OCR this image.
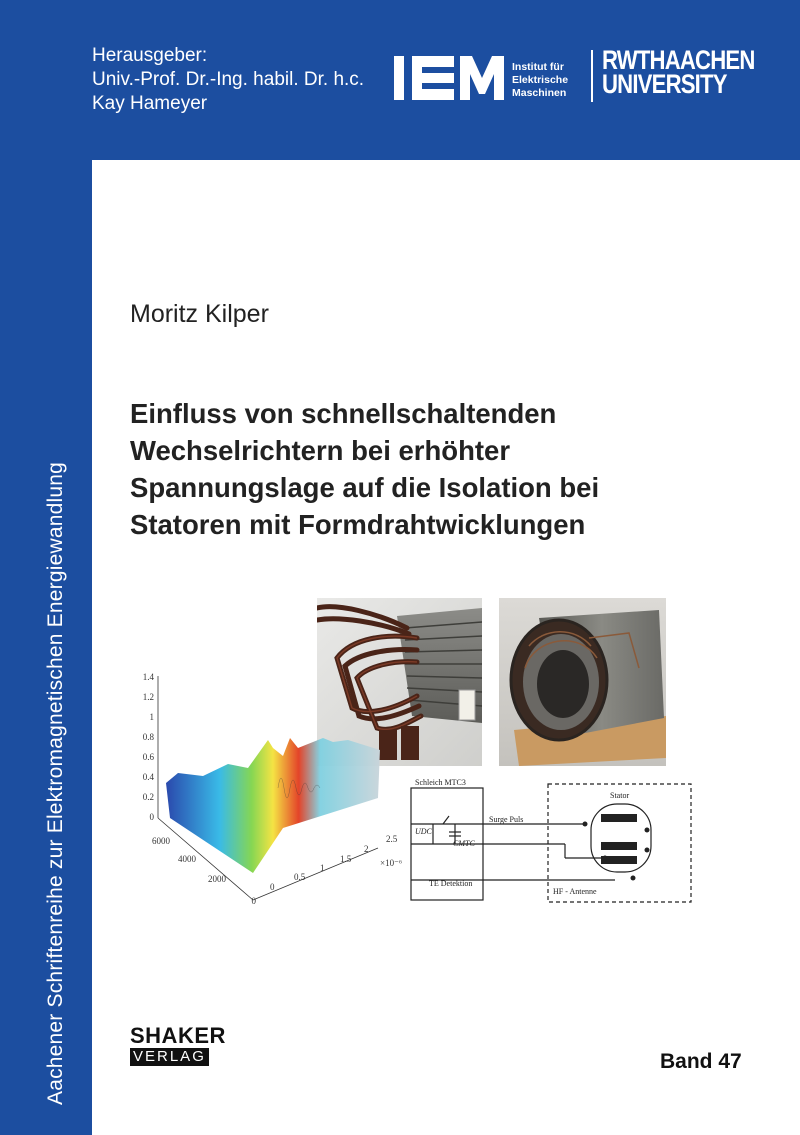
Herausgeber:
Univ.-Prof. Dr.-Ing. habil. Dr. h.c.
Kay Hameyer
Institut für
Elektrische
Maschinen
RWTHAACHEN
UNIVERSITY
Aachener Schriftenreihe zur Elektromagnetischen Energiewandlung
Moritz Kilper
Einfluss von schnellschaltenden
Wechselrichtern bei erhöhter
Spannungslage auf die Isolation bei
Statoren mit Formdrahtwicklungen
1.4
1.2
1
0.8
0.6
0.4
0.2
0
6000
4000
2000
0
0
0.5
1
1.5
2
2.5
×10⁻⁶
Schleich MTC3
UDC
CMTC
Surge Puls
TE Detektion
Stator
HF - Antenne
SHAKER
VERLAG	Band 47
